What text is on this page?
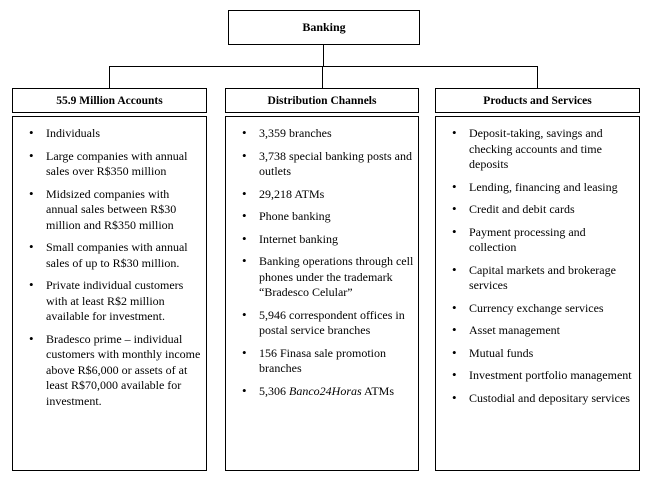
Banking
55.9 Million Accounts
• Individuals
• Large companies with annual sales over R$350 million
• Midsized companies with annual sales between R$30 million and R$350 million
• Small companies with annual sales of up to R$30 million.
• Private individual customers with at least R$2 million available for investment.
• Bradesco prime – individual customers with monthly income above R$6,000 or assets of at least R$70,000 available for investment.
Distribution Channels
• 3,359 branches
• 3,738 special banking posts and outlets
• 29,218 ATMs
• Phone banking
• Internet banking
• Banking operations through cell phones under the trademark “Bradesco Celular”
• 5,946 correspondent offices in postal service branches
• 156 Finasa sale promotion branches
• 5,306 Banco24Horas ATMs
Products and Services
• Deposit-taking, savings and checking accounts and time deposits
• Lending, financing and leasing
• Credit and debit cards
• Payment processing and collection
• Capital markets and brokerage services
• Currency exchange services
• Asset management
• Mutual funds
• Investment portfolio management
• Custodial and depositary services
